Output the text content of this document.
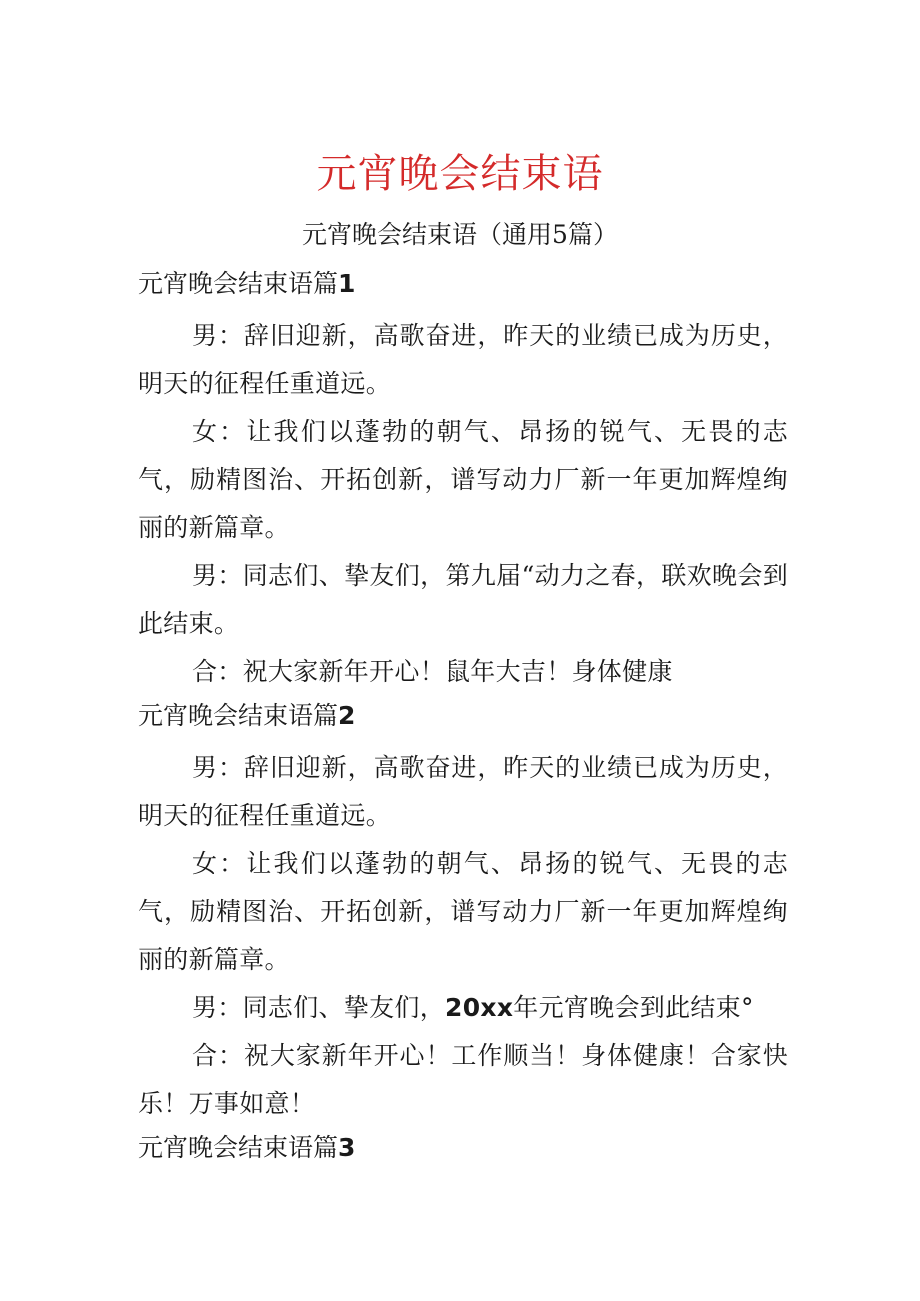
元宵晚会结束语

元宵晚会结束语（通用5篇）

元宵晚会结束语篇1

男：辞旧迎新，高歌奋进，昨天的业绩已成为历史，明天的征程任重道远。

女：让我们以蓬勃的朝气、昂扬的锐气、无畏的志气，励精图治、开拓创新，谱写动力厂新一年更加辉煌绚丽的新篇章。

男：同志们、挚友们，第九届“动力之春，联欢晚会到此结束。

合：祝大家新年开心！鼠年大吉！身体健康

元宵晚会结束语篇2

男：辞旧迎新，高歌奋进，昨天的业绩已成为历史，明天的征程任重道远。

女：让我们以蓬勃的朝气、昂扬的锐气、无畏的志气，励精图治、开拓创新，谱写动力厂新一年更加辉煌绚丽的新篇章。

男：同志们、挚友们，20xx年元宵晚会到此结束°

合：祝大家新年开心！工作顺当！身体健康！合家快乐！万事如意！

元宵晚会结束语篇3
